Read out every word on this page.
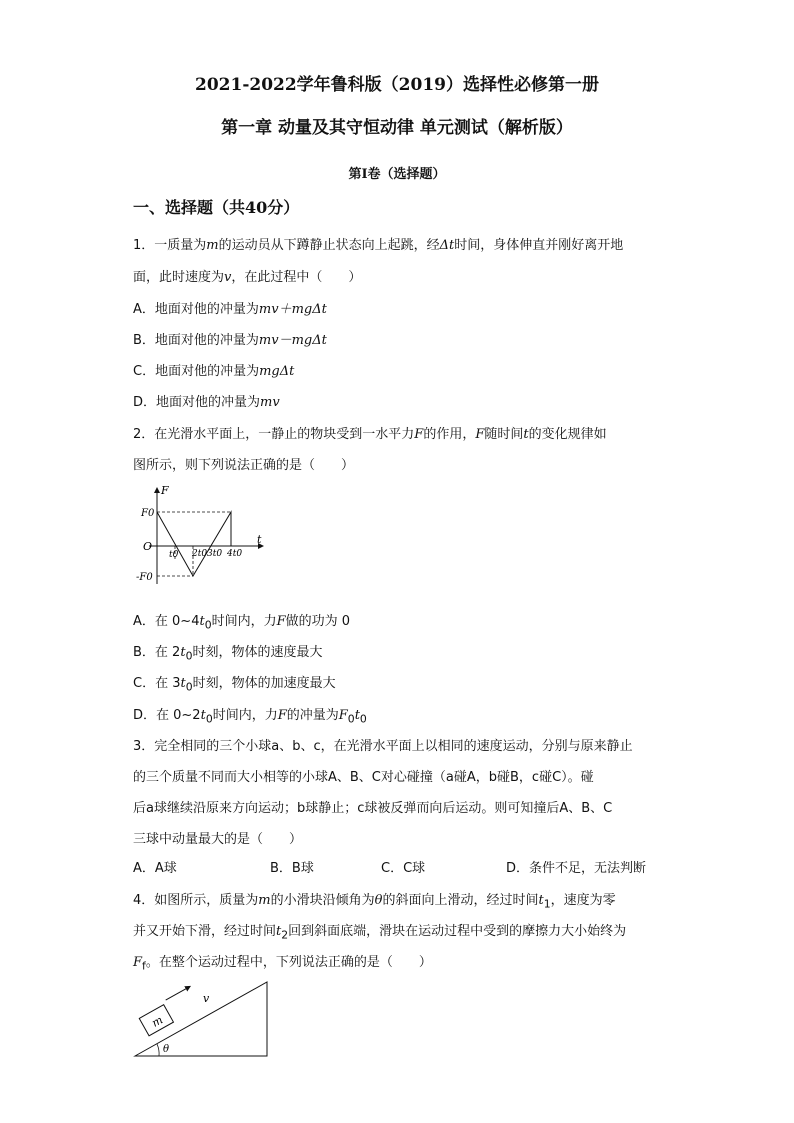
2021-2022学年鲁科版（2019）选择性必修第一册
第一章 动量及其守恒动律 单元测试（解析版）
第I卷（选择题）
一、选择题（共40分）
1．一质量为m的运动员从下蹲静止状态向上起跳，经Δt时间，身体伸直并刚好离开地
面，此时速度为v，在此过程中（　　）
A．地面对他的冲量为mv＋mgΔt
B．地面对他的冲量为mv－mgΔt
C．地面对他的冲量为mgΔt
D．地面对他的冲量为mv
2．在光滑水平面上，一静止的物块受到一水平力F的作用，F随时间t的变化规律如
图所示，则下列说法正确的是（　　）
F
t
O
F0
-F0
t0 2t0 3t0 4t0
A．在 $0\sim 4t_0$时间内，力F做的功为 0
B．在 $2t_0$时刻，物体的速度最大
C．在 $3t_0$时刻，物体的加速度最大
D．在 $0\sim 2t_0$时间内，力F的冲量为$F_0t_0$
3．完全相同的三个小球a、b、c，在光滑水平面上以相同的速度运动，分别与原来静止
的三个质量不同而大小相等的小球A、B、C对心碰撞（a碰A，b碰B，c碰C）。碰
后a球继续沿原来方向运动；b球静止；c球被反弹而向后运动。则可知撞后A、B、C
三球中动量最大的是（　　）
A．A球	B．B球	C．C球	D．条件不足，无法判断
4．如图所示，质量为m的小滑块沿倾角为θ的斜面向上滑动，经过时间$t_1$，速度为零
并又开始下滑，经过时间$t_2$回到斜面底端，滑块在运动过程中受到的摩擦力大小始终为
$F_f$。在整个运动过程中，下列说法正确的是（　　）
m
v
θ
